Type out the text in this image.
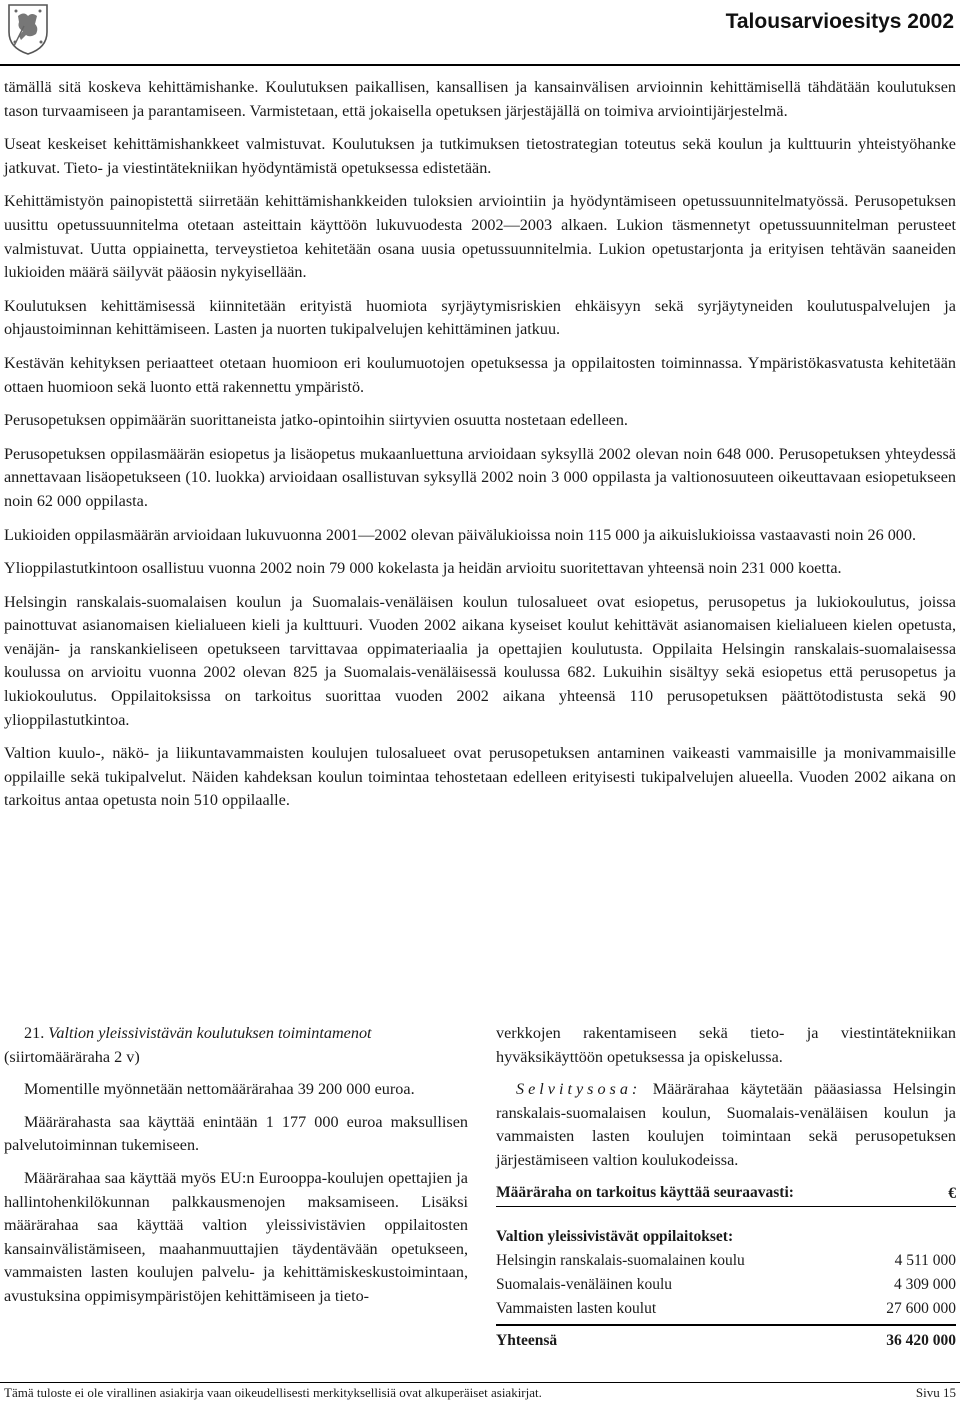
Talousarvioesitys 2002

tämällä sitä koskeva kehittämishanke. Koulutuksen paikallisen, kansallisen ja kansainvälisen arvioinnin kehittämisellä tähdätään koulutuksen tason turvaamiseen ja parantamiseen. Varmistetaan, että jokaisella opetuksen järjestäjällä on toimiva arviointijärjestelmä.

Useat keskeiset kehittämishankkeet valmistuvat. Koulutuksen ja tutkimuksen tietostrategian toteutus sekä koulun ja kulttuurin yhteistyöhanke jatkuvat. Tieto- ja viestintätekniikan hyödyntämistä opetuksessa edistetään.

Kehittämistyön painopistettä siirretään kehittämishankkeiden tuloksien arviointiin ja hyödyntämiseen opetussuunnitelmatyössä. Perusopetuksen uusittu opetussuunnitelma otetaan asteittain käyttöön lukuvuodesta 2002—2003 alkaen. Lukion täsmennetyt opetussuunnitelman perusteet valmistuvat. Uutta oppiainetta, terveystietoa kehitetään osana uusia opetussuunnitelmia. Lukion opetustarjonta ja erityisen tehtävän saaneiden lukioiden määrä säilyvät pääosin nykyisellään.

Koulutuksen kehittämisessä kiinnitetään erityistä huomiota syrjäytymisriskien ehkäisyyn sekä syrjäytyneiden koulutuspalvelujen ja ohjaustoiminnan kehittämiseen. Lasten ja nuorten tukipalvelujen kehittäminen jatkuu.

Kestävän kehityksen periaatteet otetaan huomioon eri koulumuotojen opetuksessa ja oppilaitosten toiminnassa. Ympäristökasvatusta kehitetään ottaen huomioon sekä luonto että rakennettu ympäristö.

Perusopetuksen oppimäärän suorittaneista jatko-opintoihin siirtyvien osuutta nostetaan edelleen.

Perusopetuksen oppilasmäärän esiopetus ja lisäopetus mukaanluettuna arvioidaan syksyllä 2002 olevan noin 648 000. Perusopetuksen yhteydessä annettavaan lisäopetukseen (10. luokka) arvioidaan osallistuvan syksyllä 2002 noin 3 000 oppilasta ja valtionosuuteen oikeuttavaan esiopetukseen noin 62 000 oppilasta.

Lukioiden oppilasmäärän arvioidaan lukuvuonna 2001—2002 olevan päivälukioissa noin 115 000 ja aikuislukioissa vastaavasti noin 26 000.

Ylioppilastutkintoon osallistuu vuonna 2002 noin 79 000 kokelasta ja heidän arvioitu suoritettavan yhteensä noin 231 000 koetta.

Helsingin ranskalais-suomalaisen koulun ja Suomalais-venäläisen koulun tulosalueet ovat esiopetus, perusopetus ja lukiokoulutus, joissa painottuvat asianomaisen kielialueen kieli ja kulttuuri. Vuoden 2002 aikana kyseiset koulut kehittävät asianomaisen kielialueen kielen opetusta, venäjän- ja ranskankieliseen opetukseen tarvittavaa oppimateriaalia ja opettajien koulutusta. Oppilaita Helsingin ranskalais-suomalaisessa koulussa on arvioitu vuonna 2002 olevan 825 ja Suomalais-venäläisessä koulussa 682. Lukuihin sisältyy sekä esiopetus että perusopetus ja lukiokoulutus. Oppilaitoksissa on tarkoitus suorittaa vuoden 2002 aikana yhteensä 110 perusopetuksen päättötodistusta sekä 90 ylioppilastutkintoa.

Valtion kuulo-, näkö- ja liikuntavammaisten koulujen tulosalueet ovat perusopetuksen antaminen vaikeasti vammaisille ja monivammaisille oppilaille sekä tukipalvelut. Näiden kahdeksan koulun toimintaa tehostetaan edelleen erityisesti tukipalvelujen alueella. Vuoden 2002 aikana on tarkoitus antaa opetusta noin 510 oppilaalle.

21. Valtion yleissivistävän koulutuksen toimintamenot
(siirtomääräraha 2 v)

Momentille myönnetään nettomäärärahaa 39 200 000 euroa.

Määrärahasta saa käyttää enintään 1 177 000 euroa maksullisen palvelutoiminnan tukemiseen.

Määrärahaa saa käyttää myös EU:n Eurooppa-koulujen opettajien ja hallintohenkilökunnan palkkausmenojen maksamiseen. Lisäksi määrärahaa saa käyttää valtion yleissivistävien oppilaitosten kansainvälistämiseen, maahanmuuttajien täydentävään opetukseen, vammaisten lasten koulujen palvelu- ja kehittämiskeskustoimintaan, avustuksina oppimisympäristöjen kehittämiseen ja tieto-

verkkojen rakentamiseen sekä tieto- ja viestintätekniikan hyväksikäyttöön opetuksessa ja opiskelussa.

Selvitysosa: Määrärahaa käytetään pääasiassa Helsingin ranskalais-suomalaisen koulun, Suomalais-venäläisen koulun ja vammaisten lasten koulujen toimintaan sekä perusopetuksen järjestämiseen valtion koulukodeissa.

Määräraha on tarkoitus käyttää seuraavasti:	€

Valtion yleissivistävät oppilaitokset:	
Helsingin ranskalais-suomalainen koulu	4 511 000
Suomalais-venäläinen koulu	4 309 000
Vammaisten lasten koulut	27 600 000
Yhteensä	36 420 000
Tämä tuloste ei ole virallinen asiakirja vaan oikeudellisesti merkityksellisiä ovat alkuperäiset asiakirjat.	Sivu 15
